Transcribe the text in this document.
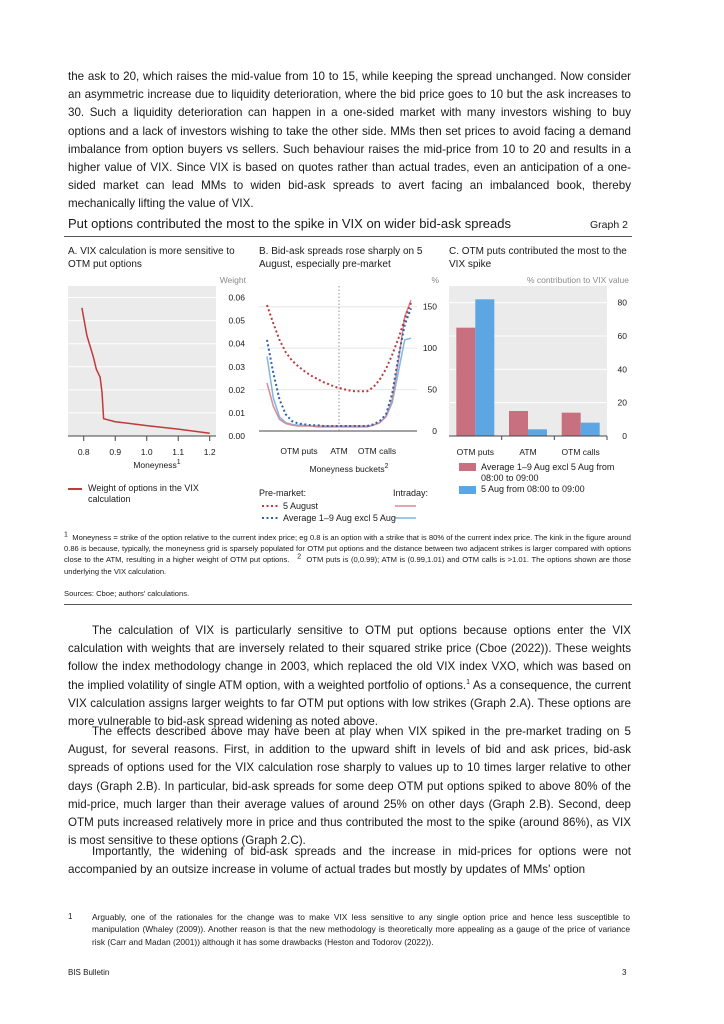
the ask to 20, which raises the mid-value from 10 to 15, while keeping the spread unchanged. Now consider an asymmetric increase due to liquidity deterioration, where the bid price goes to 10 but the ask increases to 30. Such a liquidity deterioration can happen in a one-sided market with many investors wishing to buy options and a lack of investors wishing to take the other side. MMs then set prices to avoid facing a demand imbalance from option buyers vs sellers. Such behaviour raises the mid-price from 10 to 20 and results in a higher value of VIX. Since VIX is based on quotes rather than actual trades, even an anticipation of a one-sided market can lead MMs to widen bid-ask spreads to avert facing an imbalanced book, thereby mechanically lifting the value of VIX.

Put options contributed the most to the spike in VIX on wider bid-ask spreads	Graph 2
A. VIX calculation is more sensitive to OTM put options
B. Bid-ask spreads rose sharply on 5 August, especially pre-market
C. OTM puts contributed the most to the VIX spike
Weight
0.06
0.05
0.04
0.03
0.02
0.01
0.00
0.8 0.9 1.0 1.1 1.2
Moneyness$^1$
Weight of options in the VIX calculation
%
150
100
50
0
OTM puts ATM OTM calls
Moneyness buckets$^2$
Pre-market:	Intraday:
5 August
Average 1–9 Aug excl 5 Aug
% contribution to VIX value
80
60
40
20
0
OTM puts	ATM	OTM calls
Average 1–9 Aug excl 5 Aug from 08:00 to 09:00
5 Aug from 08:00 to 09:00

$^1$ Moneyness = strike of the option relative to the current index price; eg 0.8 is an option with a strike that is 80% of the current index price. The kink in the figure around 0.86 is because, typically, the moneyness grid is sparsely populated for OTM put options and the distance between two adjacent strikes is larger compared with options close to the ATM, resulting in a higher weight of OTM put options. $^2$ OTM puts is (0,0.99); ATM is (0.99,1.01) and OTM calls is >1.01. The options shown are those underlying the VIX calculation.

Sources: Cboe; authors' calculations.

The calculation of VIX is particularly sensitive to OTM put options because options enter the VIX calculation with weights that are inversely related to their squared strike price (Cboe (2022)). These weights follow the index methodology change in 2003, which replaced the old VIX index VXO, which was based on the implied volatility of single ATM option, with a weighted portfolio of options.$^1$ As a consequence, the current VIX calculation assigns larger weights to far OTM put options with low strikes (Graph 2.A). These options are more vulnerable to bid-ask spread widening as noted above.

The effects described above may have been at play when VIX spiked in the pre-market trading on 5 August, for several reasons. First, in addition to the upward shift in levels of bid and ask prices, bid-ask spreads of options used for the VIX calculation rose sharply to values up to 10 times larger relative to other days (Graph 2.B). In particular, bid-ask spreads for some deep OTM put options spiked to above 80% of the mid-price, much larger than their average values of around 25% on other days (Graph 2.B). Second, deep OTM puts increased relatively more in price and thus contributed the most to the spike (around 86%), as VIX is most sensitive to these options (Graph 2.C).

Importantly, the widening of bid-ask spreads and the increase in mid-prices for options were not accompanied by an outsize increase in volume of actual trades but mostly by updates of MMs' option

1 Arguably, one of the rationales for the change was to make VIX less sensitive to any single option price and hence less susceptible to manipulation (Whaley (2009)). Another reason is that the new methodology is theoretically more appealing as a gauge of the price of variance risk (Carr and Madan (2001)) although it has some drawbacks (Heston and Todorov (2022)).

BIS Bulletin	3
